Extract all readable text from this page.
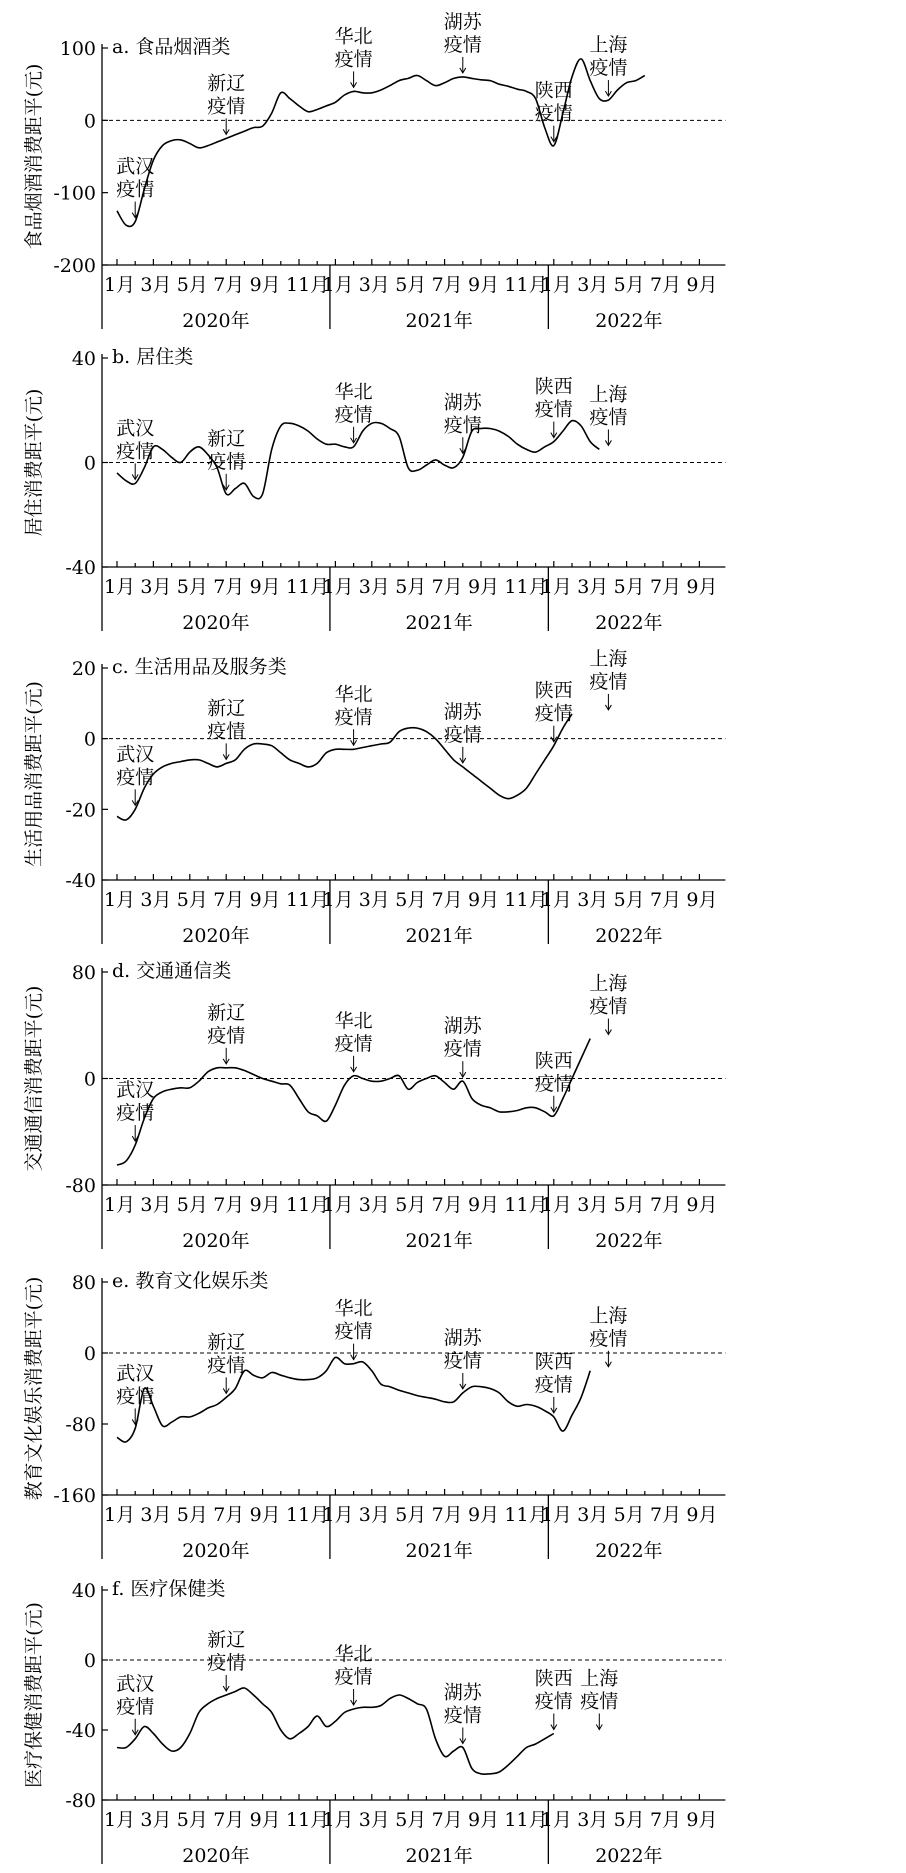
100
0
-100
-200
1月 3月 5月 7月 9月 11月
1月 3月 5月 7月 9月 11月
1月 3月 5月 7月 9月
2020年	2021年	2022年
a. 食品烟酒类
食品烟酒消费距平(元)	武汉
疫情
新辽
疫情
华北
疫情
湖苏
疫情
陕西
疫情
上海
疫情
40
0
-40
1月 3月 5月 7月 9月 11月
1月 3月 5月 7月 9月 11月
1月 3月 5月 7月 9月
2020年	2021年	2022年
b. 居住类
居住消费距平(元)	武汉
疫情
新辽
疫情
华北
疫情
湖苏
疫情
陕西
疫情
上海
疫情
20
0
-20
-40
1月 3月 5月 7月 9月 11月
1月 3月 5月 7月 9月 11月
1月 3月 5月 7月 9月
2020年	2021年	2022年
c. 生活用品及服务类
生活用品消费距平(元)	武汉
疫情
新辽
疫情
华北
疫情	湖苏
疫情
陕西
疫情
上海
疫情
80
0
-80
1月 3月 5月 7月 9月 11月
1月 3月 5月 7月 9月 11月
1月 3月 5月 7月 9月
2020年	2021年	2022年
d. 交通通信类
交通通信消费距平(元)	武汉
疫情
新辽
疫情
华北
疫情
湖苏
疫情
陕西
疫情
上海
疫情
80
0
-80
-160
1月 3月 5月 7月 9月 11月
1月 3月 5月 7月 9月 11月
1月 3月 5月 7月 9月
2020年	2021年	2022年
e. 教育文化娱乐类
教育文化娱乐消费距平(元)	武汉
疫情
新辽
疫情
华北
疫情	湖苏
疫情	陕西
疫情
上海
疫情
40
0
-40
-80
1月 3月 5月 7月 9月 11月
1月 3月 5月 7月 9月 11月
1月 3月 5月 7月 9月
2020年	2021年	2022年
f. 医疗保健类
医疗保健消费距平(元)	武汉
疫情
新辽
疫情	华北
疫情
湖苏
疫情
陕西
疫情
上海
疫情
